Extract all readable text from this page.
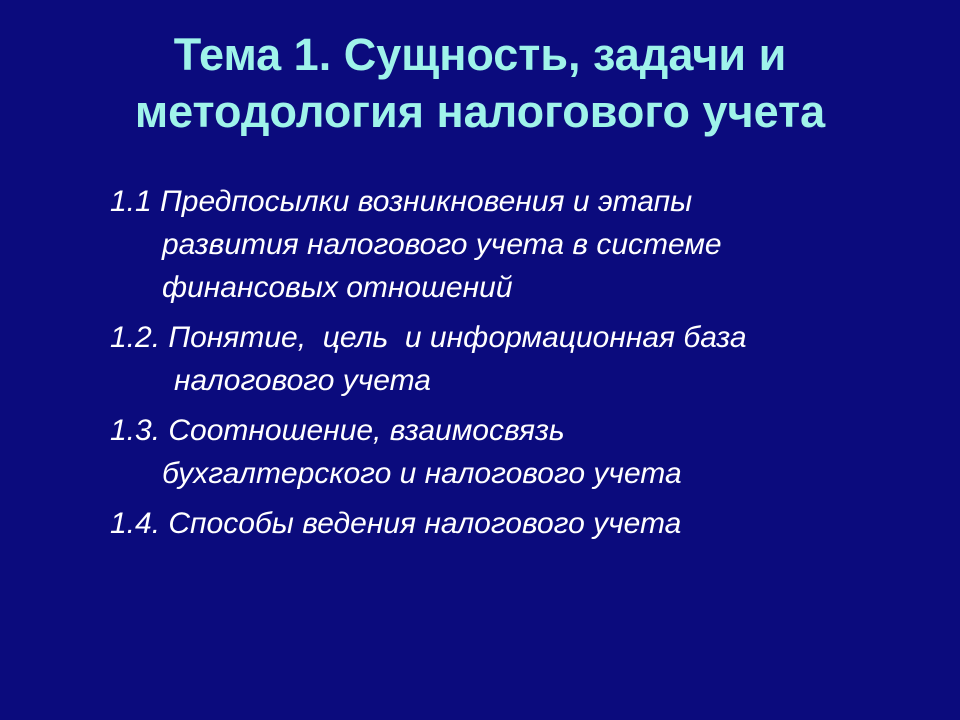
Тема 1. Сущность, задачи и
методология налогового учета
1.1 Предпосылки возникновения и этапы
развития налогового учета в системе
финансовых отношений
1.2. Понятие,  цель  и информационная база
налогового учета
1.3. Соотношение, взаимосвязь
бухгалтерского и налогового учета
1.4. Способы ведения налогового учета
